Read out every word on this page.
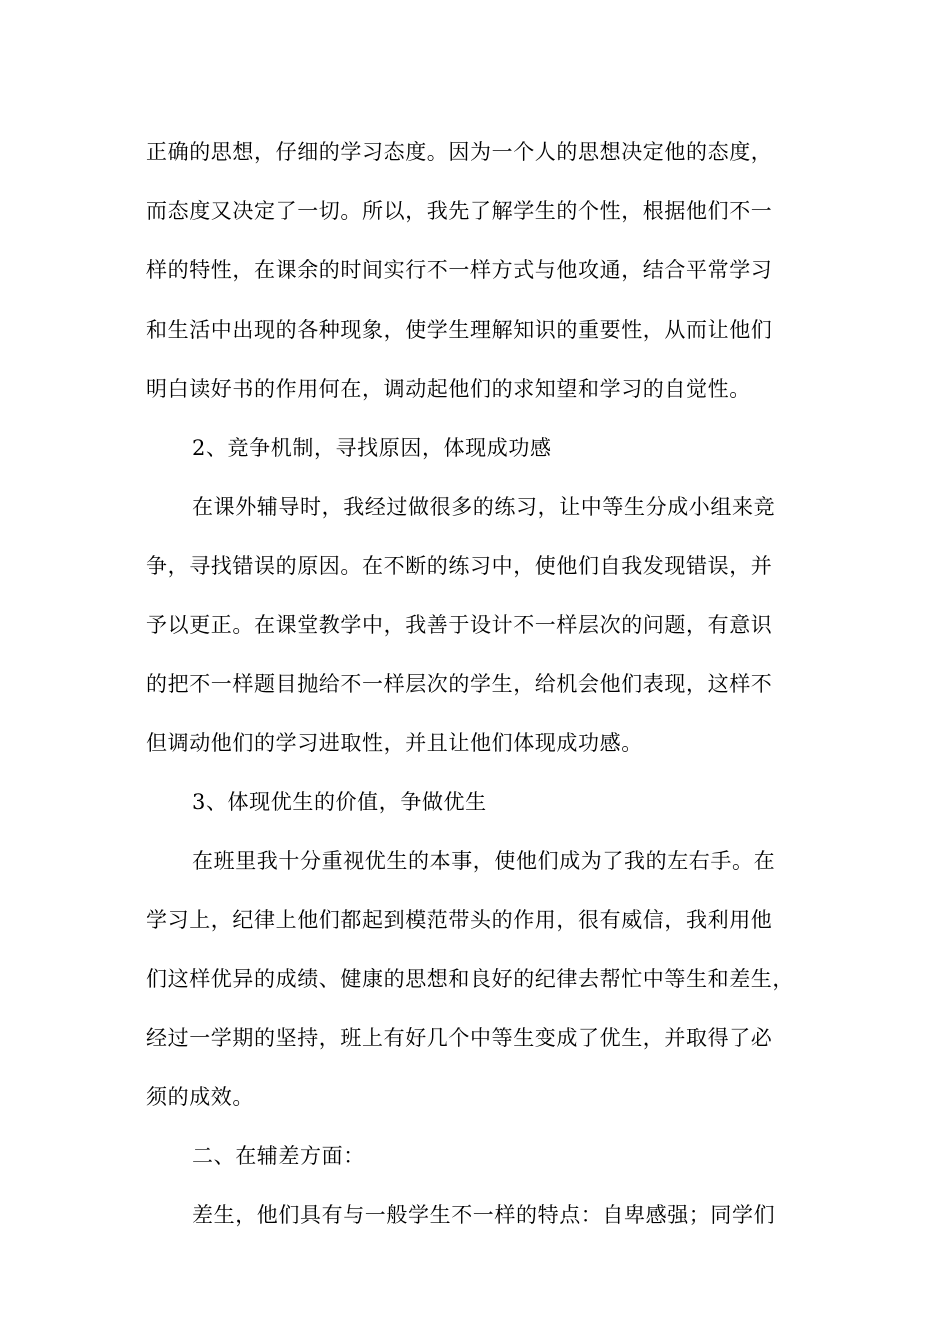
正确的思想，仔细的学习态度。因为一个人的思想决定他的态度，
而态度又决定了一切。所以，我先了解学生的个性，根据他们不一
样的特性，在课余的时间实行不一样方式与他攻通，结合平常学习
和生活中出现的各种现象，使学生理解知识的重要性，从而让他们
明白读好书的作用何在，调动起他们的求知望和学习的自觉性。
2、竞争机制，寻找原因，体现成功感
在课外辅导时，我经过做很多的练习，让中等生分成小组来竞
争，寻找错误的原因。在不断的练习中，使他们自我发现错误，并
予以更正。在课堂教学中，我善于设计不一样层次的问题，有意识
的把不一样题目抛给不一样层次的学生，给机会他们表现，这样不
但调动他们的学习进取性，并且让他们体现成功感。
3、体现优生的价值，争做优生
在班里我十分重视优生的本事，使他们成为了我的左右手。在
学习上，纪律上他们都起到模范带头的作用，很有威信，我利用他
们这样优异的成绩、健康的思想和良好的纪律去帮忙中等生和差生，
经过一学期的坚持，班上有好几个中等生变成了优生，并取得了必
须的成效。
二、在辅差方面：
差生，他们具有与一般学生不一样的特点：自卑感强；同学们
